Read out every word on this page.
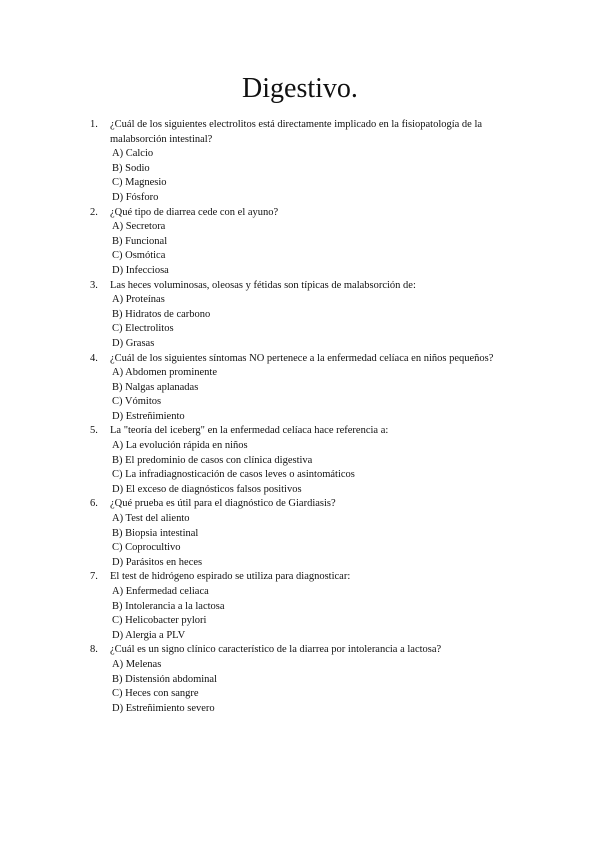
Digestivo.
1. ¿Cuál de los siguientes electrolitos está directamente implicado en la fisiopatología de la malabsorción intestinal?
A) Calcio
B) Sodio
C) Magnesio
D) Fósforo
2. ¿Qué tipo de diarrea cede con el ayuno?
A) Secretora
B) Funcional
C) Osmótica
D) Infecciosa
3. Las heces voluminosas, oleosas y fétidas son típicas de malabsorción de:
A) Proteínas
B) Hidratos de carbono
C) Electrolitos
D) Grasas
4. ¿Cuál de los siguientes síntomas NO pertenece a la enfermedad celíaca en niños pequeños?
A) Abdomen prominente
B) Nalgas aplanadas
C) Vómitos
D) Estreñimiento
5. La "teoría del iceberg" en la enfermedad celíaca hace referencia a:
A) La evolución rápida en niños
B) El predominio de casos con clínica digestiva
C) La infradiagnosticación de casos leves o asintomáticos
D) El exceso de diagnósticos falsos positivos
6. ¿Qué prueba es útil para el diagnóstico de Giardiasis?
A) Test del aliento
B) Biopsia intestinal
C) Coprocultivo
D) Parásitos en heces
7. El test de hidrógeno espirado se utiliza para diagnosticar:
A) Enfermedad celiaca
B) Intolerancia a la lactosa
C) Helicobacter pylori
D) Alergia a PLV
8. ¿Cuál es un signo clínico característico de la diarrea por intolerancia a lactosa?
A) Melenas
B) Distensión abdominal
C) Heces con sangre
D) Estreñimiento severo
